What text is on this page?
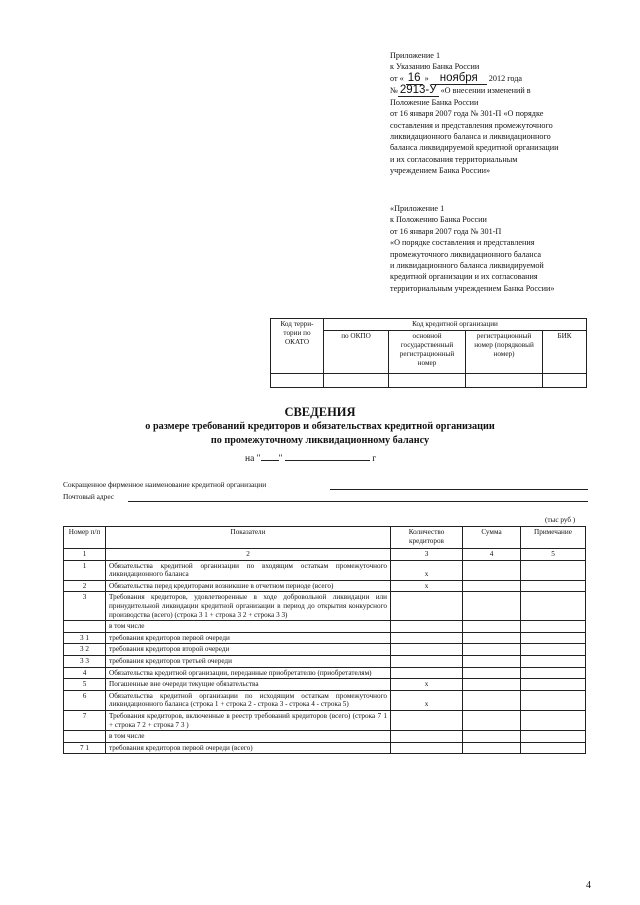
Приложение 1
к Указанию Банка России
от « 16 » ноября 2012 года
№ 2913-У «О внесении изменений в
Положение Банка России
от 16 января 2007 года № 301-П «О порядке
составления и представления промежуточного
ликвидационного баланса и ликвидационного
баланса ликвидируемой кредитной организации
и их согласования территориальным
учреждением Банка России»
«Приложение 1
к Положению Банка России
от 16 января 2007 года № 301-П
«О порядке составления и представления
промежуточного ликвидационного баланса
и ликвидационного баланса ликвидируемой
кредитной организации и их согласования
территориальным учреждением Банка России»
Код терри-тории по ОКАТО	Код кредитной организации			
	по ОКПО	основной государственный регистрационный номер	регистрационный номер (порядковый номер)	БИК

СВЕДЕНИЯ
о размере требований кредиторов и обязательствах кредитной организации
по промежуточному ликвидационному балансу
на " "	г
Сокращенное фирменное наименование кредитной организации
Почтовый адрес
(тыс руб )
Номер п/п	Показатели	Количество кредиторов	Сумма	Примечание
1	2	3	4	5
1	Обязательства кредитной организации по входящим остаткам промежуточного ликвидационного баланса	x		
2	Обязательства перед кредиторами возникшие в отчетном периоде (всего)	x		
3	Требования кредиторов, удовлетворенные в ходе добровольной ликвидации или принудительной ликвидации кредитной организации в период до открытия конкурсного производства (всего) (строка 3 1 + строка 3 2 + строка 3 3)			
	в том числе			
3 1	требования кредиторов первой очереди			
3 2	требования кредиторов второй очереди			
3 3	требования кредиторов третьей очереди			
4	Обязательства кредитной организации, переданные приобретателю (приобретателям)			
5	Погашенные вне очереди текущие обязательства	x		
6	Обязательства кредитной организации по исходящим остаткам промежуточного ликвидационного баланса (строка 1 + строка 2 - строка 3 - строка 4 - строка 5)	x		
7	Требования кредиторов, включенные в реестр требований кредиторов (всего) (строка 7 1 + строка 7 2 + строка 7 3 )			
	в том числе			
7 1	требования кредиторов первой очереди (всего)			
4
